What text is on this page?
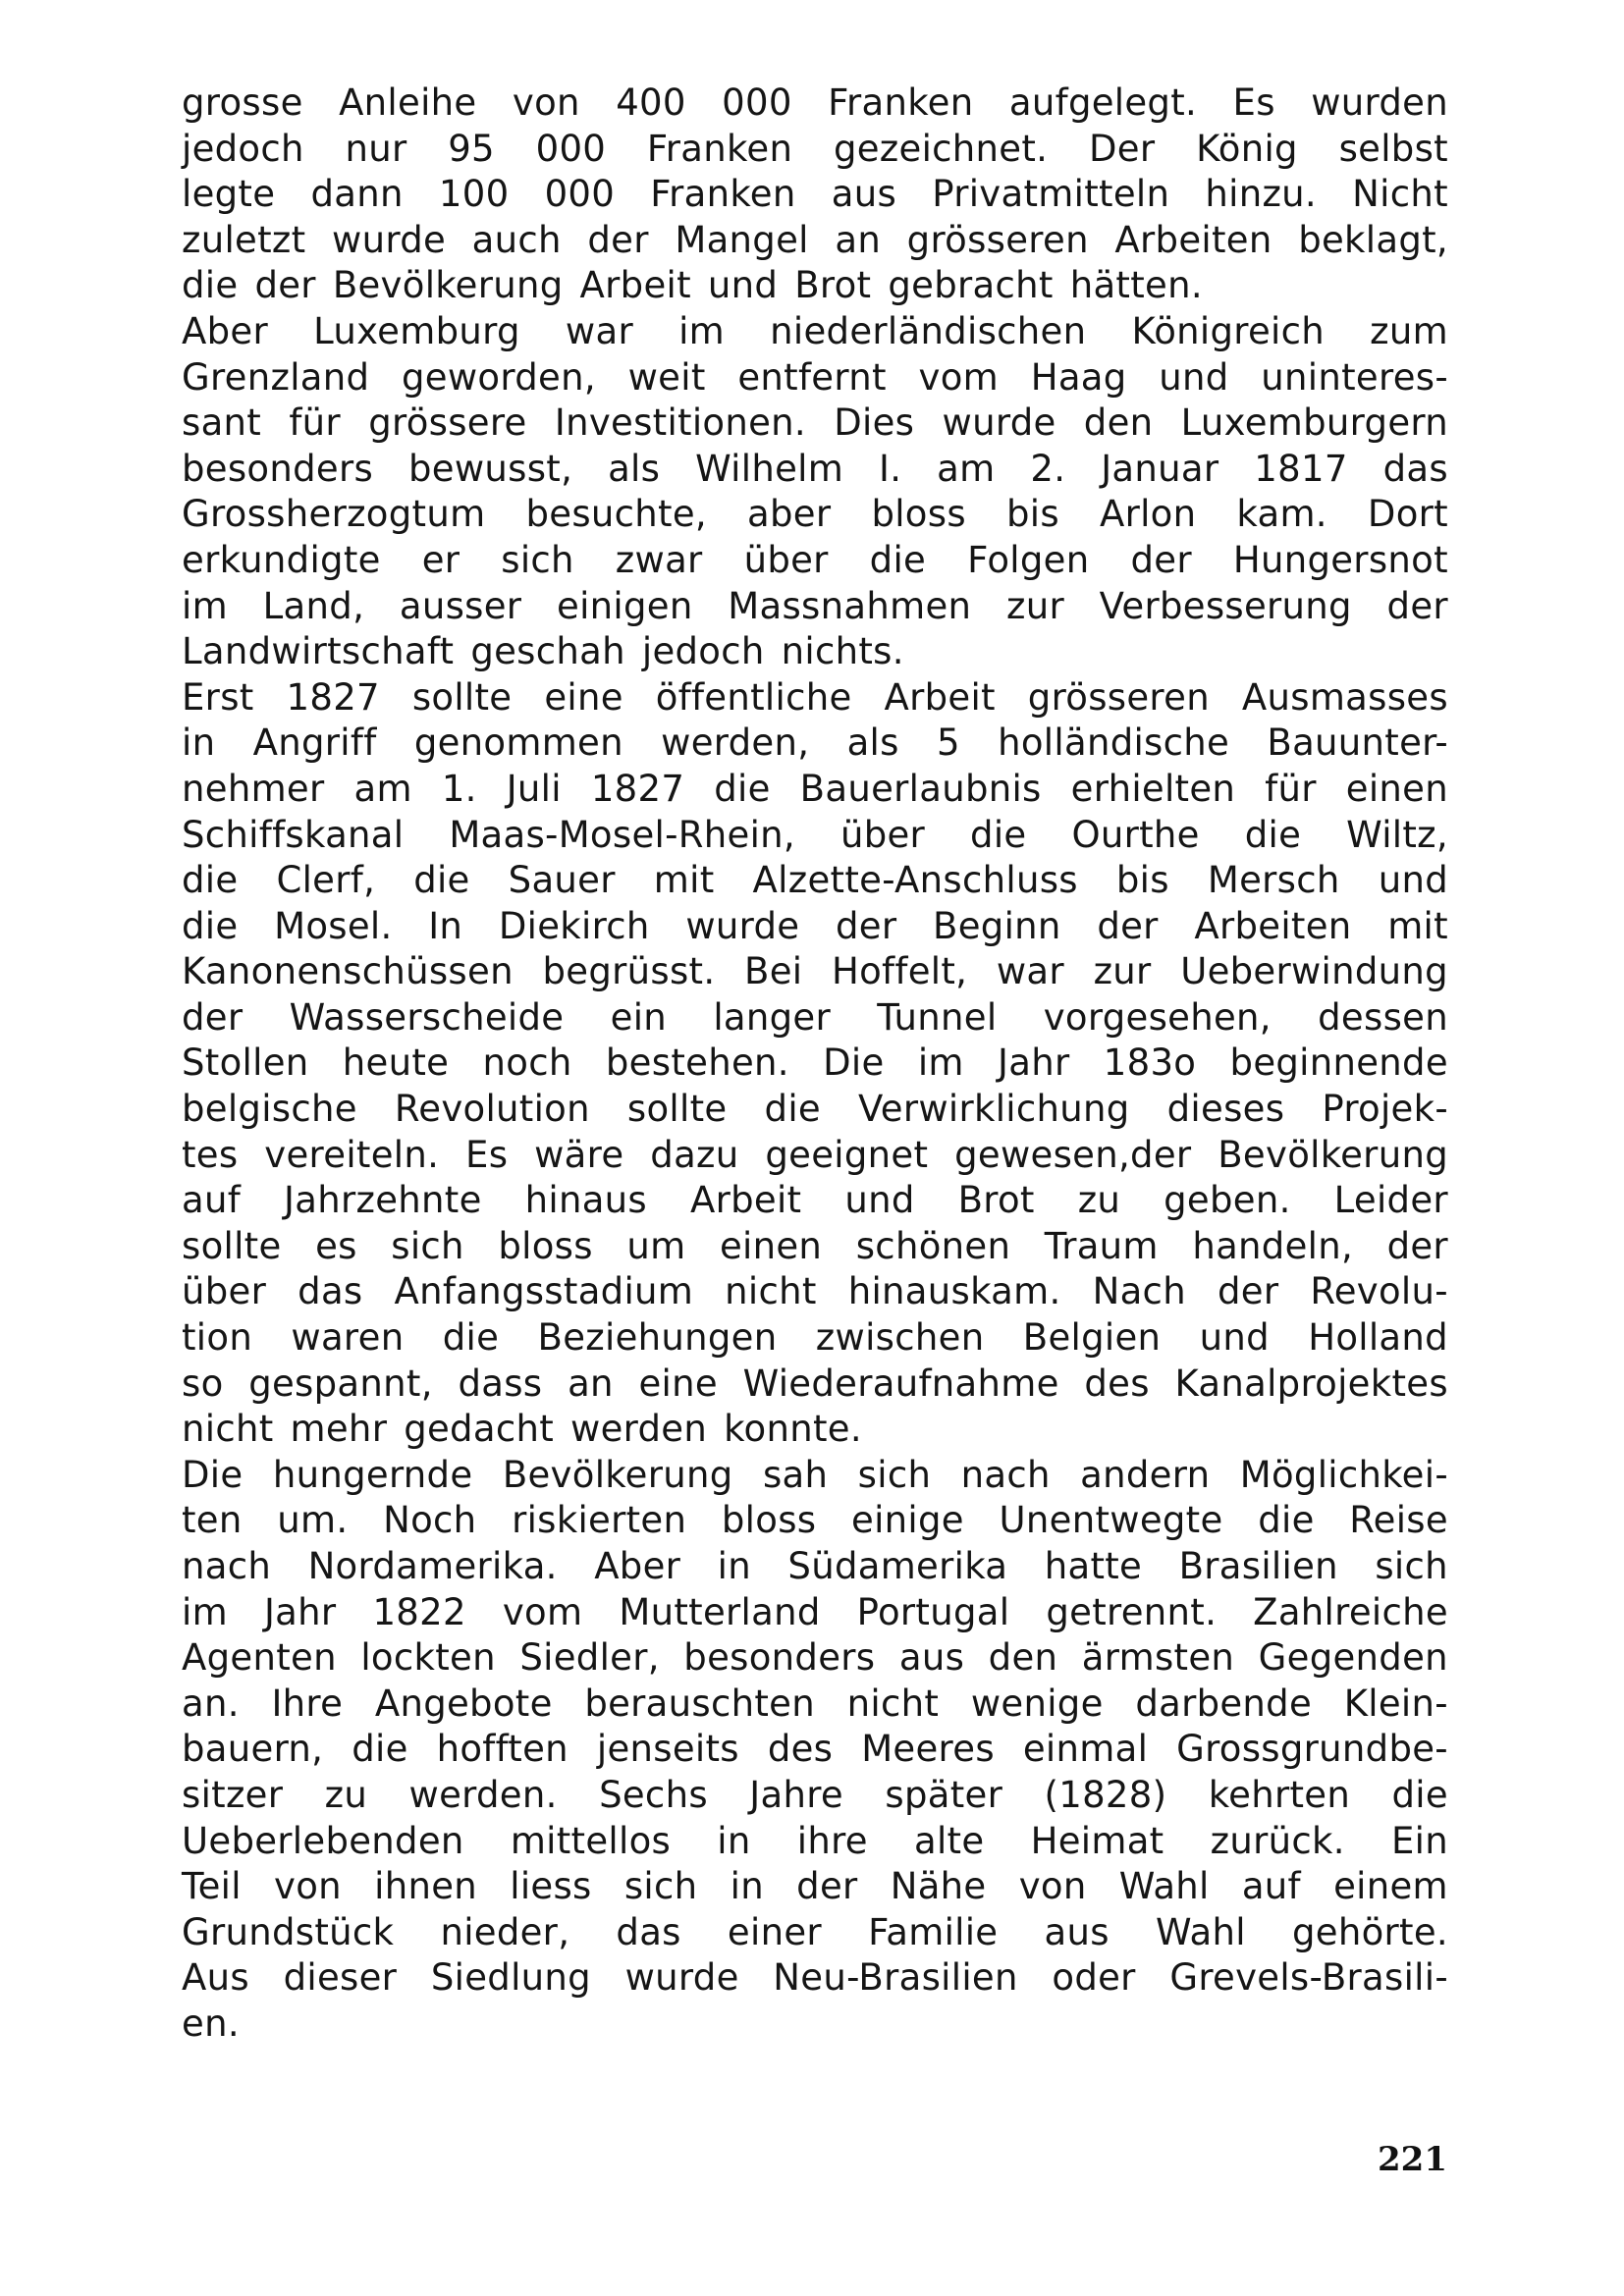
grosse Anleihe von 400 000 Franken aufgelegt. Es wurden
jedoch nur 95 000 Franken gezeichnet. Der König selbst
legte dann 100 000 Franken aus Privatmitteln hinzu. Nicht
zuletzt wurde auch der Mangel an grösseren Arbeiten beklagt,
die der Bevölkerung Arbeit und Brot gebracht hätten.
Aber Luxemburg war im niederländischen Königreich zum
Grenzland geworden, weit entfernt vom Haag und uninteres-
sant für grössere Investitionen. Dies wurde den Luxemburgern
besonders bewusst, als Wilhelm I. am 2. Januar 1817 das
Grossherzogtum besuchte, aber bloss bis Arlon kam. Dort
erkundigte er sich zwar über die Folgen der Hungersnot
im Land, ausser einigen Massnahmen zur Verbesserung der
Landwirtschaft geschah jedoch nichts.
Erst 1827 sollte eine öffentliche Arbeit grösseren Ausmasses
in Angriff genommen werden, als 5 holländische Bauunter-
nehmer am 1. Juli 1827 die Bauerlaubnis erhielten für einen
Schiffskanal Maas-Mosel-Rhein, über die Ourthe die Wiltz,
die Clerf, die Sauer mit Alzette-Anschluss bis Mersch und
die Mosel. In Diekirch wurde der Beginn der Arbeiten mit
Kanonenschüssen begrüsst. Bei Hoffelt, war zur Ueberwindung
der Wasserscheide ein langer Tunnel vorgesehen, dessen
Stollen heute noch bestehen. Die im Jahr 183o beginnende
belgische Revolution sollte die Verwirklichung dieses Projek-
tes vereiteln. Es wäre dazu geeignet gewesen,der Bevölkerung
auf Jahrzehnte hinaus Arbeit und Brot zu geben. Leider
sollte es sich bloss um einen schönen Traum handeln, der
über das Anfangsstadium nicht hinauskam. Nach der Revolu-
tion waren die Beziehungen zwischen Belgien und Holland
so gespannt, dass an eine Wiederaufnahme des Kanalprojektes
nicht mehr gedacht werden konnte.
Die hungernde Bevölkerung sah sich nach andern Möglichkei-
ten um. Noch riskierten bloss einige Unentwegte die Reise
nach Nordamerika. Aber in Südamerika hatte Brasilien sich
im Jahr 1822 vom Mutterland Portugal getrennt. Zahlreiche
Agenten lockten Siedler, besonders aus den ärmsten Gegenden
an. Ihre Angebote berauschten nicht wenige darbende Klein-
bauern, die hofften jenseits des Meeres einmal Grossgrundbe-
sitzer zu werden. Sechs Jahre später (1828) kehrten die
Ueberlebenden mittellos in ihre alte Heimat zurück. Ein
Teil von ihnen liess sich in der Nähe von Wahl auf einem
Grundstück nieder, das einer Familie aus Wahl gehörte.
Aus dieser Siedlung wurde Neu-Brasilien oder Grevels-Brasili-
en.
221
